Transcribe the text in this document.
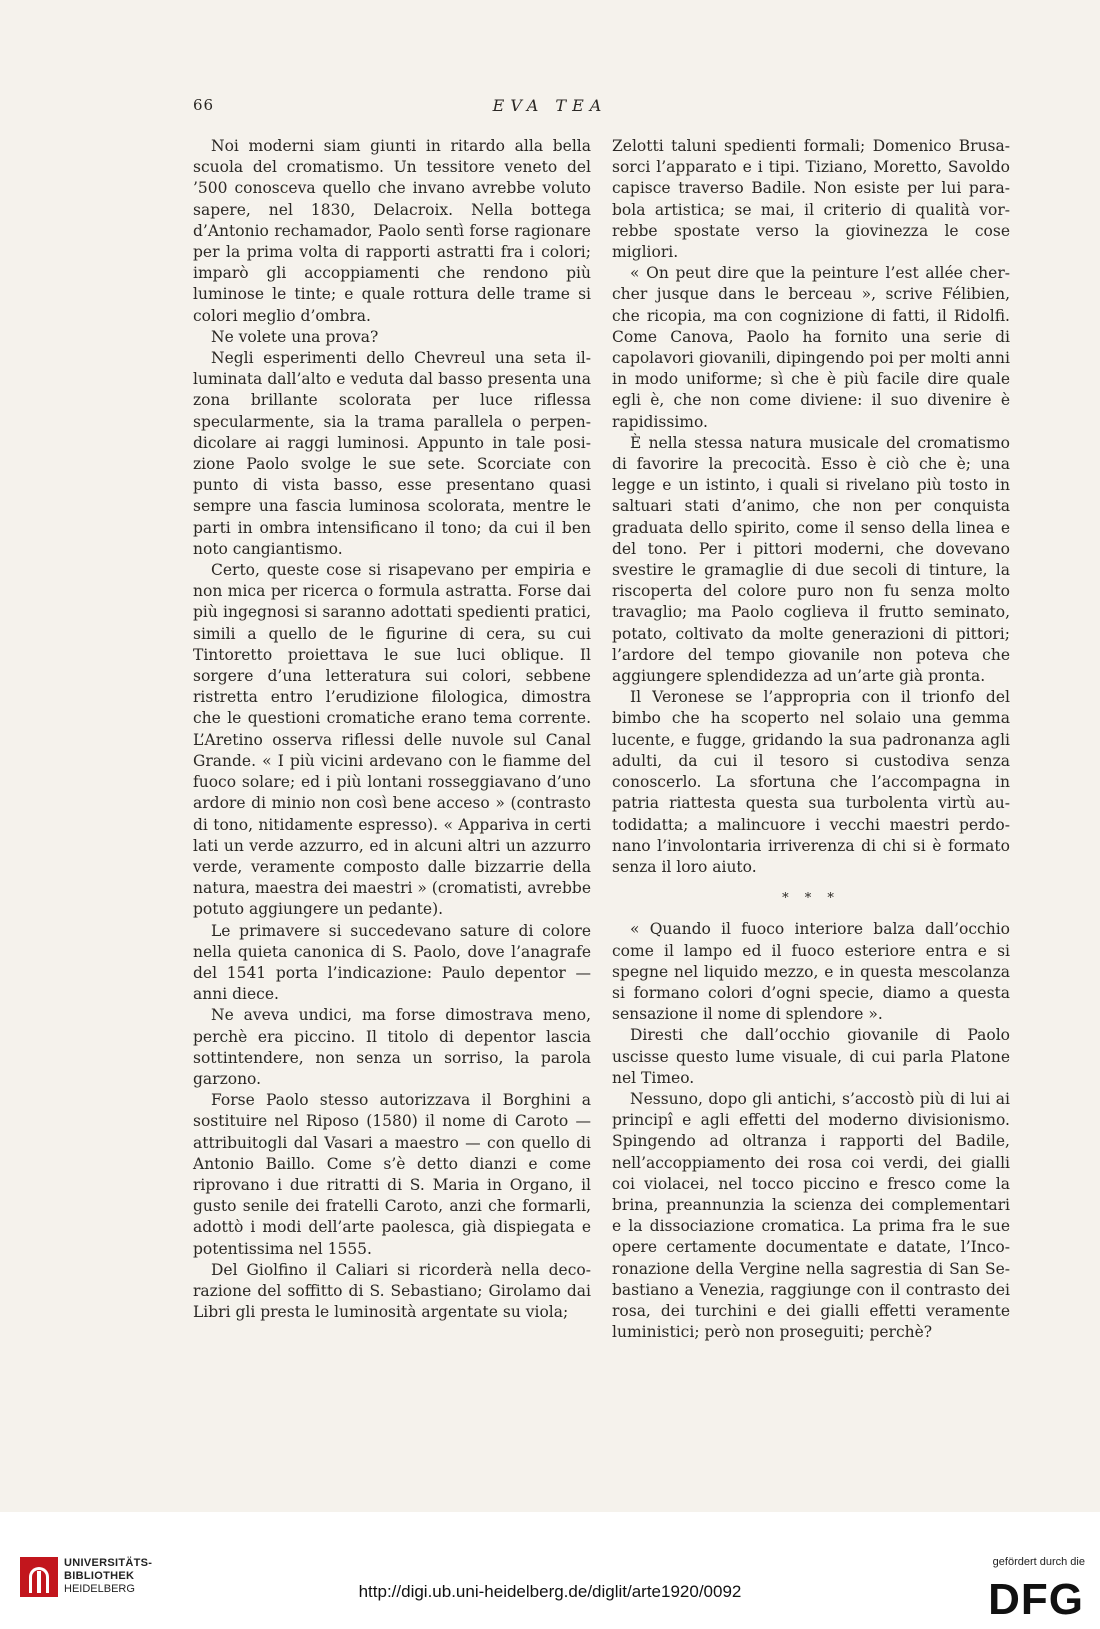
66	EVA TEA

Noi moderni siam giunti in ritardo alla bella scuola del cromatismo. Un tessitore veneto del ’500 conosceva quello che invano avrebbe voluto sapere, nel 1830, Delacroix. Nella bottega d’Antonio rechamador, Paolo sentì forse ragionare per la prima volta di rapporti astratti fra i colori; imparò gli accoppiamenti che rendono più luminose le tinte; e quale rottura delle trame si colori meglio d’ombra.

Ne volete una prova?

Negli esperimenti dello Chevreul una seta illuminata dall’alto e veduta dal basso presenta una zona brillante scolorata per luce riflessa specularmente, sia la trama parallela o perpendicolare ai raggi luminosi. Appunto in tale posizione Paolo svolge le sue sete. Scorciate con punto di vista basso, esse presentano quasi sempre una fascia luminosa scolorata, mentre le parti in ombra intensificano il tono; da cui il ben noto cangiantismo.

Certo, queste cose si risapevano per empiria e non mica per ricerca o formula astratta. Forse dai più ingegnosi si saranno adottati spedienti pratici, simili a quello de le figurine di cera, su cui Tintoretto proiettava le sue luci oblique. Il sorgere d’una letteratura sui colori, sebbene ristretta entro l’erudizione filologica, dimostra che le questioni cromatiche erano tema corrente. L’Aretino osserva riflessi delle nuvole sul Canal Grande. « I più vicini ardevano con le fiamme del fuoco solare; ed i più lontani rosseggiavano d’uno ardore di minio non così bene acceso » (contrasto di tono, nitidamente espresso). « Appariva in certi lati un verde azzurro, ed in alcuni altri un azzurro verde, veramente composto dalle bizzarrie della natura, maestra dei maestri » (cromatisti, avrebbe potuto aggiungere un pedante).

Le primavere si succedevano sature di colore nella quieta canonica di S. Paolo, dove l’anagrafe del 1541 porta l’indicazione: Paulo depentor — anni diece.

Ne aveva undici, ma forse dimostrava meno, perchè era piccino. Il titolo di depentor lascia sottintendere, non senza un sorriso, la parola garzono.

Forse Paolo stesso autorizzava il Borghini a sostituire nel Riposo (1580) il nome di Caroto — attribuitogli dal Vasari a maestro — con quello di Antonio Baillo. Come s’è detto dianzi e come riprovano i due ritratti di S. Maria in Organo, il gusto senile dei fratelli Caroto, anzi che formarli, adottò i modi dell’arte paolesca, già dispiegata e potentissima nel 1555.

Del Giolfino il Caliari si ricorderà nella decorazione del soffitto di S. Sebastiano; Girolamo dai Libri gli presta le luminosità argentate su viola;

Zelotti taluni spedienti formali; Domenico Brusasorci l’apparato e i tipi. Tiziano, Moretto, Savoldo capisce traverso Badile. Non esiste per lui parabola artistica; se mai, il criterio di qualità vorrebbe spostate verso la giovinezza le cose migliori.

« On peut dire que la peinture l’est allée chercher jusque dans le berceau », scrive Félibien, che ricopia, ma con cognizione di fatti, il Ridolfi. Come Canova, Paolo ha fornito una serie di capolavori giovanili, dipingendo poi per molti anni in modo uniforme; sì che è più facile dire quale egli è, che non come diviene: il suo divenire è rapidissimo.

È nella stessa natura musicale del cromatismo di favorire la precocità. Esso è ciò che è; una legge e un istinto, i quali si rivelano più tosto in saltuari stati d’animo, che non per conquista graduata dello spirito, come il senso della linea e del tono. Per i pittori moderni, che dovevano svestire le gramaglie di due secoli di tinture, la riscoperta del colore puro non fu senza molto travaglio; ma Paolo coglieva il frutto seminato, potato, coltivato da molte generazioni di pittori; l’ardore del tempo giovanile non poteva che aggiungere splendidezza ad un’arte già pronta.

Il Veronese se l’appropria con il trionfo del bimbo che ha scoperto nel solaio una gemma lucente, e fugge, gridando la sua padronanza agli adulti, da cui il tesoro si custodiva senza conoscerlo. La sfortuna che l’accompagna in patria riattesta questa sua turbolenta virtù autodidatta; a malincuore i vecchi maestri perdonano l’involontaria irriverenza di chi si è formato senza il loro aiuto.

* * *

« Quando il fuoco interiore balza dall’occhio come il lampo ed il fuoco esteriore entra e si spegne nel liquido mezzo, e in questa mescolanza si formano colori d’ogni specie, diamo a questa sensazione il nome di splendore ».

Diresti che dall’occhio giovanile di Paolo uscisse questo lume visuale, di cui parla Platone nel Timeo.

Nessuno, dopo gli antichi, s’accostò più di lui ai principî e agli effetti del moderno divisionismo. Spingendo ad oltranza i rapporti del Badile, nell’accoppiamento dei rosa coi verdi, dei gialli coi violacei, nel tocco piccino e fresco come la brina, preannunzia la scienza dei complementari e la dissociazione cromatica. La prima fra le sue opere certamente documentate e datate, l’Incoronazione della Vergine nella sagrestia di San Sebastiano a Venezia, raggiunge con il contrasto dei rosa, dei turchini e dei gialli effetti veramente luministici; però non proseguiti; perchè?

UNIVERSITÄTS-
BIBLIOTHEK
HEIDELBERG	http://digi.ub.uni-heidelberg.de/diglit/arte1920/0092
gefördert durch die
DFG
